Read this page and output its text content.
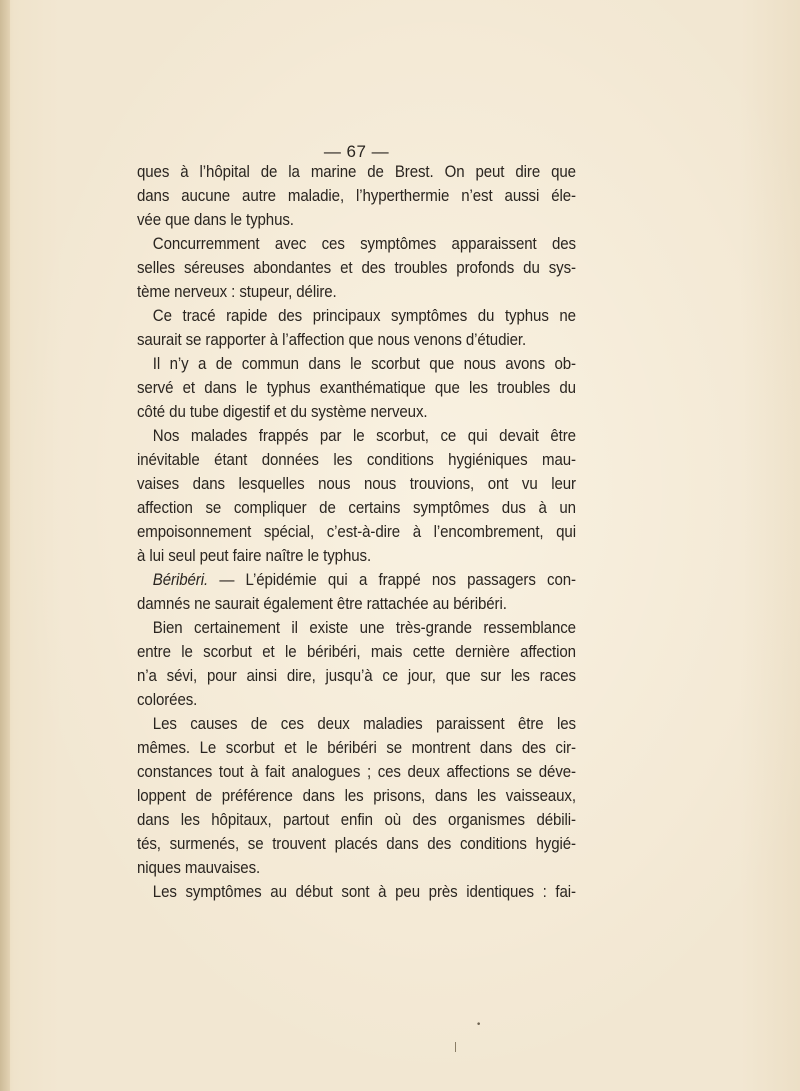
— 67 —
ques à l’hôpital de la marine de Brest. On peut dire que
dans aucune autre maladie, l’hyperthermie n’est aussi éle-
vée que dans le typhus.
Concurremment avec ces symptômes apparaissent des
selles séreuses abondantes et des troubles profonds du sys-
tème nerveux : stupeur, délire.
Ce tracé rapide des principaux symptômes du typhus ne
saurait se rapporter à l’affection que nous venons d’étudier.
Il n’y a de commun dans le scorbut que nous avons ob-
servé et dans le typhus exanthématique que les troubles du
côté du tube digestif et du système nerveux.
Nos malades frappés par le scorbut, ce qui devait être
inévitable étant données les conditions hygiéniques mau-
vaises dans lesquelles nous nous trouvions, ont vu leur
affection se compliquer de certains symptômes dus à un
empoisonnement spécial, c’est-à-dire à l’encombrement, qui
à lui seul peut faire naître le typhus.
Béribéri. — L’épidémie qui a frappé nos passagers con-
damnés ne saurait également être rattachée au béribéri.
Bien certainement il existe une très-grande ressemblance
entre le scorbut et le béribéri, mais cette dernière affection
n’a sévi, pour ainsi dire, jusqu’à ce jour, que sur les races
colorées.
Les causes de ces deux maladies paraissent être les
mêmes. Le scorbut et le béribéri se montrent dans des cir-
constances tout à fait analogues ; ces deux affections se déve-
loppent de préférence dans les prisons, dans les vaisseaux,
dans les hôpitaux, partout enfin où des organismes débili-
tés, surmenés, se trouvent placés dans des conditions hygié-
niques mauvaises.
Les symptômes au début sont à peu près identiques : fai-
•
